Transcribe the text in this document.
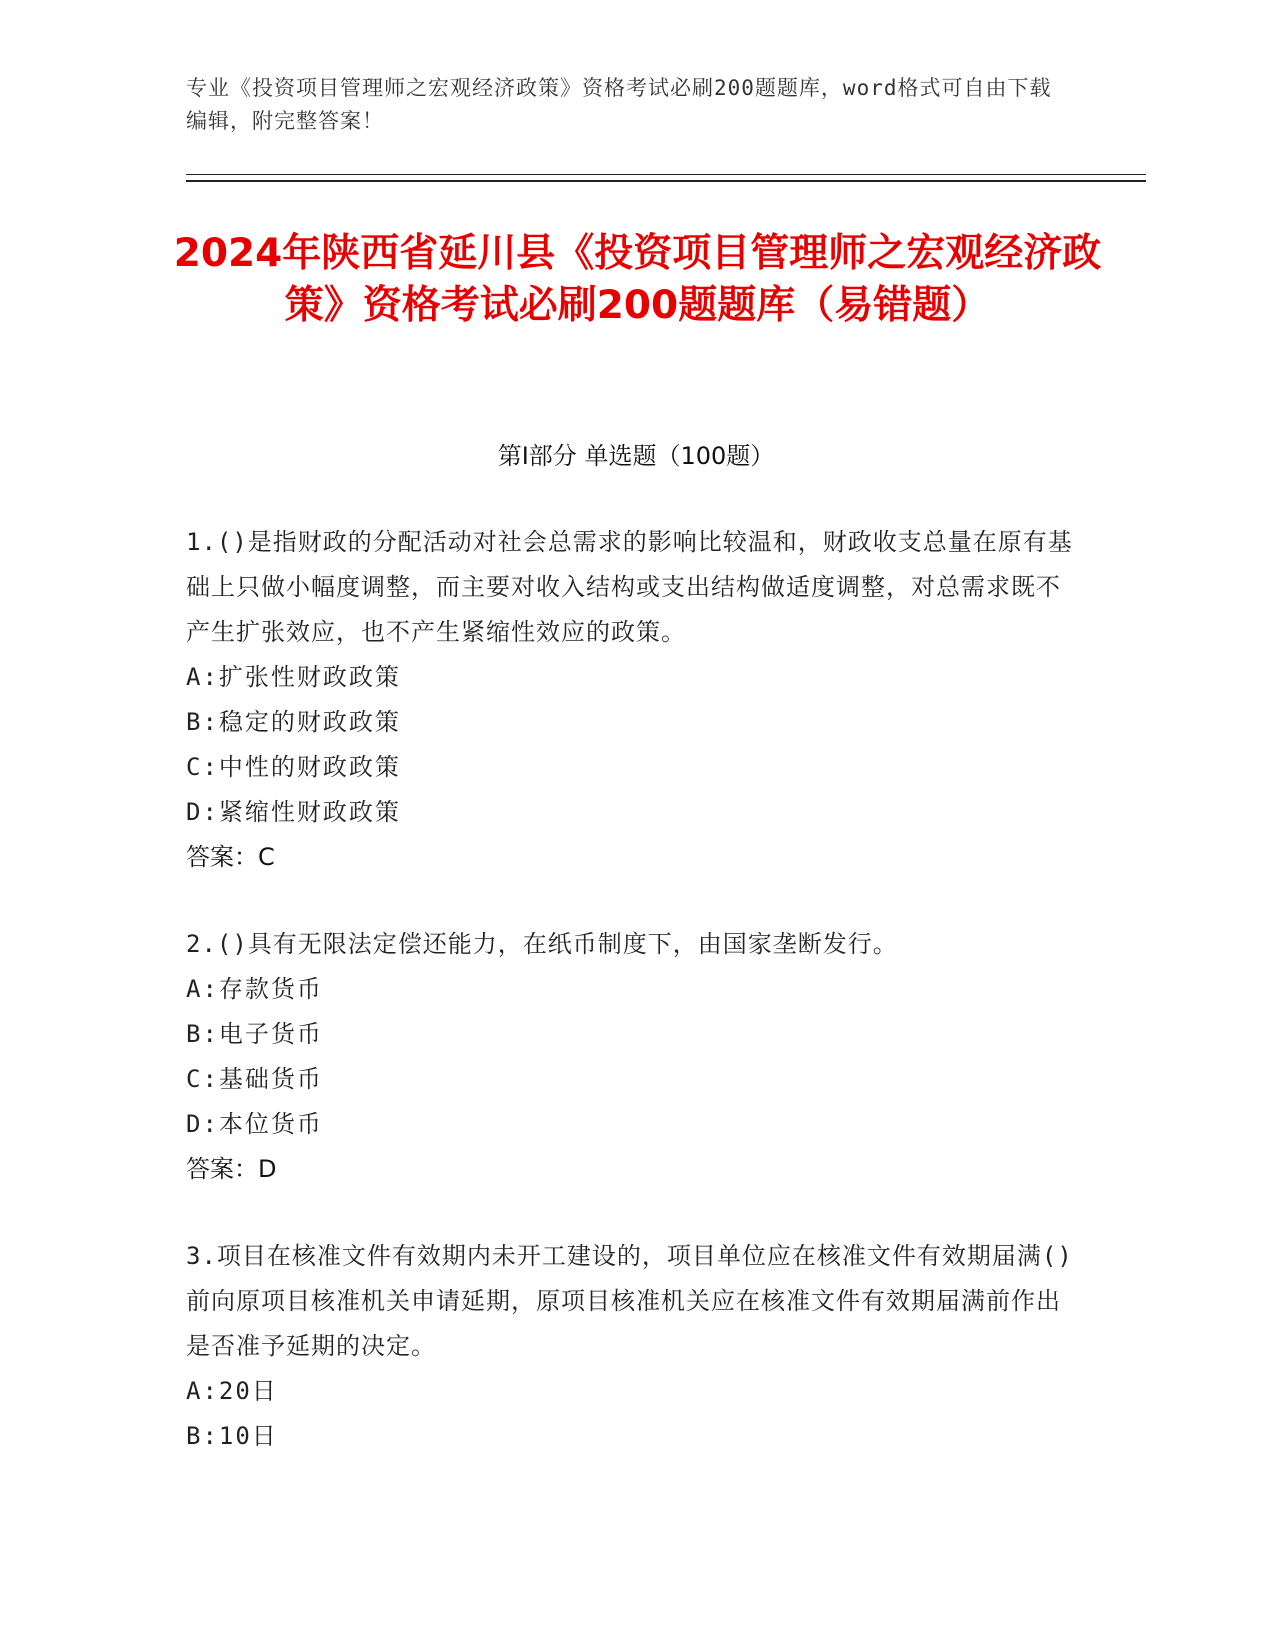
专业《投资项目管理师之宏观经济政策》资格考试必刷200题题库，word格式可自由下载编辑，附完整答案！
2024年陕西省延川县《投资项目管理师之宏观经济政策》资格考试必刷200题题库（易错题）
第I部分 单选题（100题）

1.()是指财政的分配活动对社会总需求的影响比较温和，财政收支总量在原有基础上只做小幅度调整，而主要对收入结构或支出结构做适度调整，对总需求既不产生扩张效应，也不产生紧缩性效应的政策。

A:扩张性财政政策

B:稳定的财政政策

C:中性的财政政策

D:紧缩性财政政策

答案：C

2.()具有无限法定偿还能力，在纸币制度下，由国家垄断发行。

A:存款货币

B:电子货币

C:基础货币

D:本位货币

答案：D

3.项目在核准文件有效期内未开工建设的，项目单位应在核准文件有效期届满()前向原项目核准机关申请延期，原项目核准机关应在核准文件有效期届满前作出是否准予延期的决定。

A:20日

B:10日
